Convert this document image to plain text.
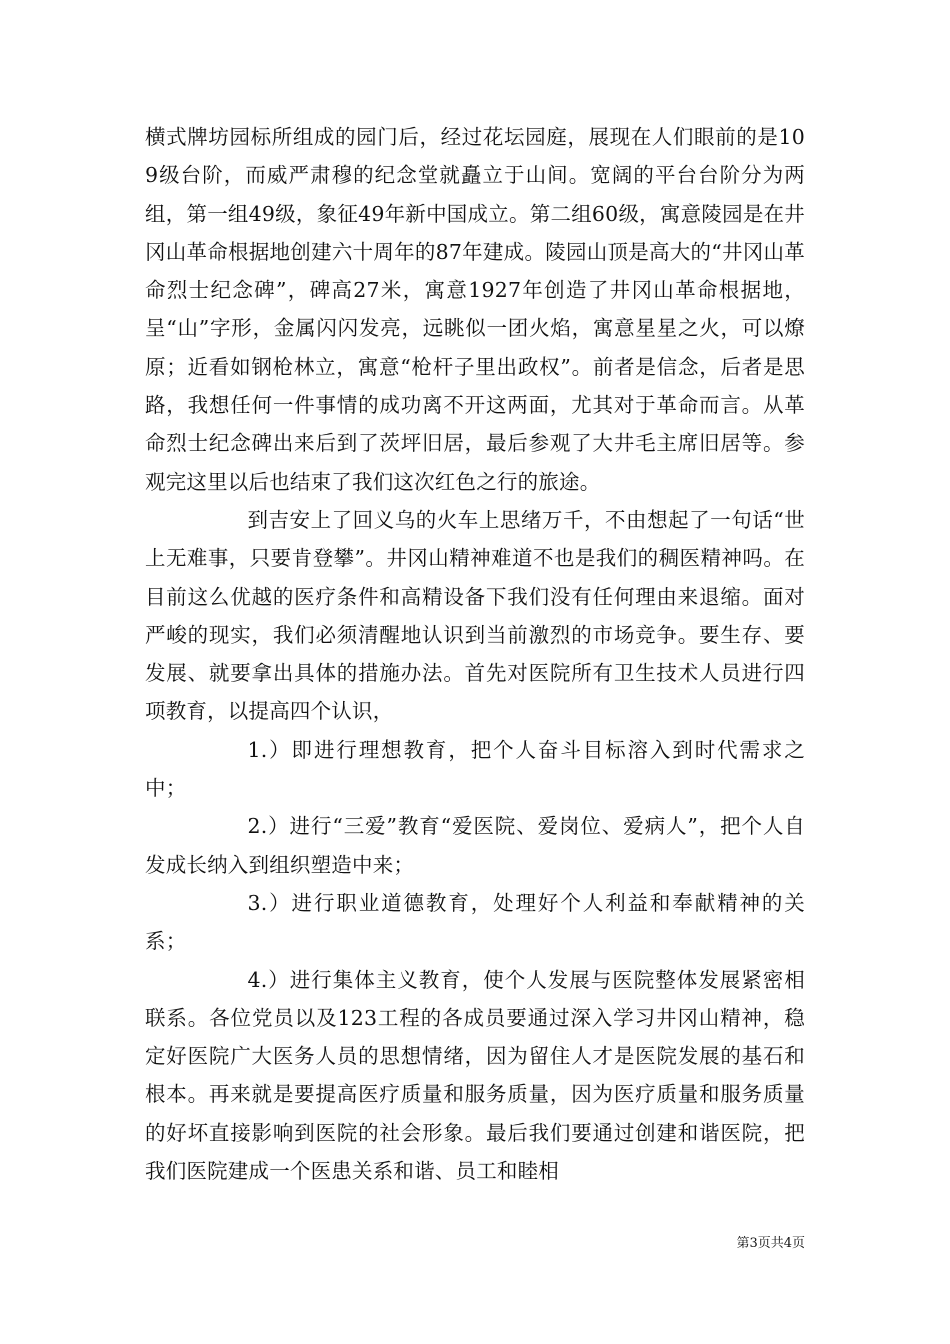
横式牌坊园标所组成的园门后，经过花坛园庭，展现在人们眼前的是109级台阶，而威严肃穆的纪念堂就矗立于山间。宽阔的平台台阶分为两组，第一组49级，象征49年新中国成立。第二组60级，寓意陵园是在井冈山革命根据地创建六十周年的87年建成。陵园山顶是高大的“井冈山革命烈士纪念碑”，碑高27米，寓意1927年创造了井冈山革命根据地，呈“山”字形，金属闪闪发亮，远眺似一团火焰，寓意星星之火，可以燎原；近看如钢枪林立，寓意“枪杆子里出政权”。前者是信念，后者是思路，我想任何一件事情的成功离不开这两面，尤其对于革命而言。从革命烈士纪念碑出来后到了茨坪旧居，最后参观了大井毛主席旧居等。参观完这里以后也结束了我们这次红色之行的旅途。

到吉安上了回义乌的火车上思绪万千，不由想起了一句话“世上无难事，只要肯登攀”。井冈山精神难道不也是我们的稠医精神吗。在目前这么优越的医疗条件和高精设备下我们没有任何理由来退缩。面对严峻的现实，我们必须清醒地认识到当前激烈的市场竞争。要生存、要发展、就要拿出具体的措施办法。首先对医院所有卫生技术人员进行四项教育，以提高四个认识，

1.）即进行理想教育，把个人奋斗目标溶入到时代需求之中；

2.）进行“三爱”教育“爱医院、爱岗位、爱病人”，把个人自发成长纳入到组织塑造中来；

3.）进行职业道德教育，处理好个人利益和奉献精神的关系；

4.）进行集体主义教育，使个人发展与医院整体发展紧密相联系。各位党员以及123工程的各成员要通过深入学习井冈山精神，稳定好医院广大医务人员的思想情绪，因为留住人才是医院发展的基石和根本。再来就是要提高医疗质量和服务质量，因为医疗质量和服务质量的好坏直接影响到医院的社会形象。最后我们要通过创建和谐医院，把我们医院建成一个医患关系和谐、员工和睦相

第3页共4页
